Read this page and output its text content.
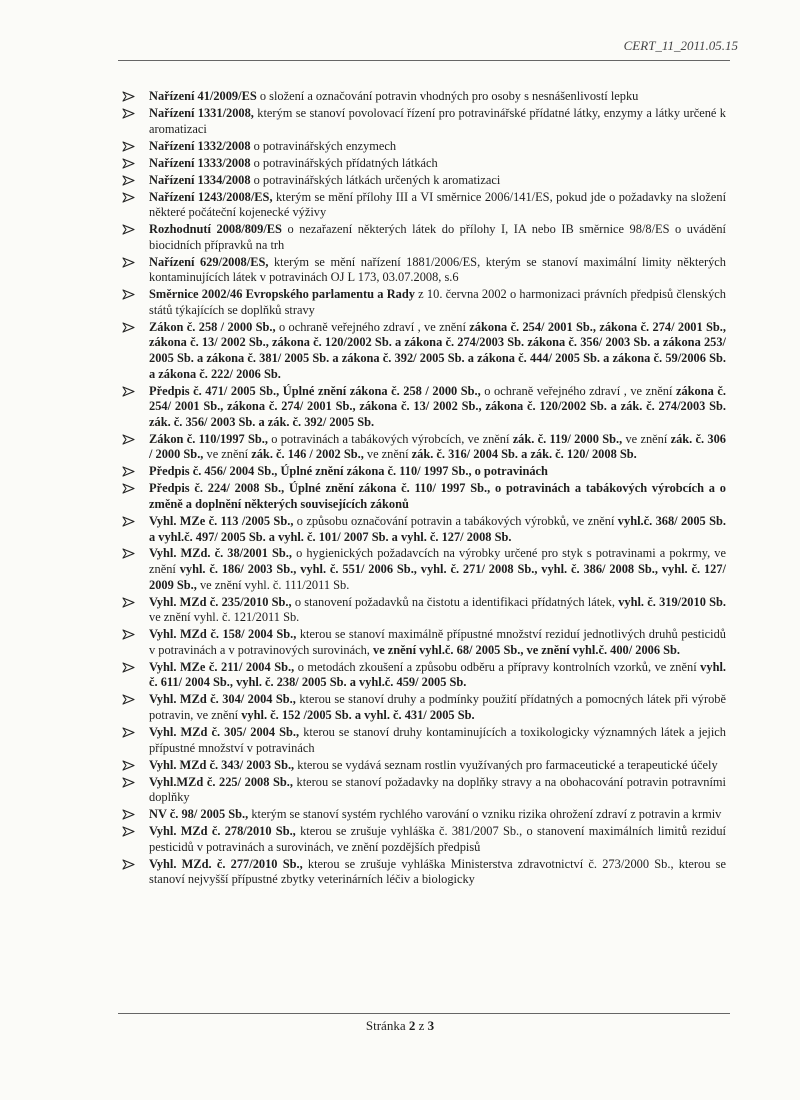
CERT_11_2011.05.15
Nařízení 41/2009/ES o složení a označování potravin vhodných pro osoby s nesnášenlivostí lepku
Nařízení 1331/2008, kterým se stanoví povolovací řízení pro potravinářské přídatné látky, enzymy a látky určené k aromatizaci
Nařízení 1332/2008 o potravinářských enzymech
Nařízení 1333/2008 o potravinářských přídatných látkách
Nařízení 1334/2008 o potravinářských látkách určených k aromatizaci
Nařízení 1243/2008/ES, kterým se mění přílohy III a VI směrnice 2006/141/ES, pokud jde o požadavky na složení některé počáteční kojenecké výživy
Rozhodnutí 2008/809/ES o nezařazení některých látek do přílohy I, IA nebo IB směrnice 98/8/ES o uvádění biocidních přípravků na trh
Nařízení 629/2008/ES, kterým se mění nařízení 1881/2006/ES, kterým se stanoví maximální limity některých kontaminujících látek v potravinách OJ L 173, 03.07.2008, s.6
Směrnice 2002/46 Evropského parlamentu a Rady z 10. června 2002 o harmonizaci právních předpisů členských států týkajících se doplňků stravy
Zákon č. 258 / 2000 Sb., o ochraně veřejného zdraví , ve znění zákona č. 254/ 2001 Sb., zákona č. 274/ 2001 Sb., zákona č. 13/ 2002 Sb., zákona č. 120/2002 Sb. a zákona č. 274/2003 Sb. zákona č. 356/ 2003 Sb. a zákona 253/ 2005 Sb. a zákona č. 381/ 2005 Sb. a zákona č. 392/ 2005 Sb. a zákona č. 444/ 2005 Sb. a zákona č. 59/2006 Sb. a zákona č. 222/ 2006 Sb.
Předpis č. 471/ 2005 Sb., Úplné znění zákona č. 258 / 2000 Sb., o ochraně veřejného zdraví , ve znění zákona č. 254/ 2001 Sb., zákona č. 274/ 2001 Sb., zákona č. 13/ 2002 Sb., zákona č. 120/2002 Sb. a zák. č. 274/2003 Sb. zák. č. 356/ 2003 Sb. a zák. č. 392/ 2005 Sb.
Zákon č. 110/1997 Sb., o potravinách a tabákových výrobcích, ve znění zák. č. 119/ 2000 Sb., ve znění zák. č. 306 / 2000 Sb., ve znění zák. č. 146 / 2002 Sb., ve znění zák. č. 316/ 2004 Sb. a zák. č. 120/ 2008 Sb.
Předpis č. 456/ 2004 Sb., Úplné znění zákona č. 110/ 1997 Sb., o potravinách
Předpis č. 224/ 2008 Sb., Úplné znění zákona č. 110/ 1997 Sb., o potravinách a tabákových výrobcích a o změně a doplnění některých souvisejících zákonů
Vyhl. MZe č. 113 /2005 Sb., o způsobu označování potravin a tabákových výrobků, ve znění vyhl.č. 368/ 2005 Sb. a vyhl.č. 497/ 2005 Sb. a vyhl. č. 101/ 2007 Sb. a vyhl. č. 127/ 2008 Sb.
Vyhl. MZd. č. 38/2001 Sb., o hygienických požadavcích na výrobky určené pro styk s potravinami a pokrmy, ve znění vyhl. č. 186/ 2003 Sb., vyhl. č. 551/ 2006 Sb., vyhl. č. 271/ 2008 Sb., vyhl. č. 386/ 2008 Sb., vyhl. č. 127/ 2009 Sb., ve znění vyhl. č. 111/2011 Sb.
Vyhl. MZd č. 235/2010 Sb., o stanovení požadavků na čistotu a identifikaci přídatných látek, vyhl. č. 319/2010 Sb. ve znění vyhl. č. 121/2011 Sb.
Vyhl. MZd č. 158/ 2004 Sb., kterou se stanoví maximálně přípustné množství reziduí jednotlivých druhů pesticidů v potravinách a v potravinových surovinách, ve znění vyhl.č. 68/ 2005 Sb., ve znění vyhl.č. 400/ 2006 Sb.
Vyhl. MZe č. 211/ 2004 Sb., o metodách zkoušení a způsobu odběru a přípravy kontrolních vzorků, ve znění vyhl. č. 611/ 2004 Sb., vyhl. č. 238/ 2005 Sb. a vyhl.č. 459/ 2005 Sb.
Vyhl. MZd č. 304/ 2004 Sb., kterou se stanoví druhy a podmínky použití přídatných a pomocných látek při výrobě potravin, ve znění vyhl. č. 152 /2005 Sb. a vyhl. č. 431/ 2005 Sb.
Vyhl. MZd č. 305/ 2004 Sb., kterou se stanoví druhy kontaminujících a toxikologicky významných látek a jejich přípustné množství v potravinách
Vyhl. MZd č. 343/ 2003 Sb., kterou se vydává seznam rostlin využívaných pro farmaceutické a terapeutické účely
Vyhl.MZd č. 225/ 2008 Sb., kterou se stanoví požadavky na doplňky stravy a na obohacování potravin potravními doplňky
NV č. 98/ 2005 Sb., kterým se stanoví systém rychlého varování o vzniku rizika ohrožení zdraví z potravin a krmiv
Vyhl. MZd č. 278/2010 Sb., kterou se zrušuje vyhláška č. 381/2007 Sb., o stanovení maximálních limitů reziduí pesticidů v potravinách a surovinách, ve znění pozdějších předpisů
Vyhl. MZd. č. 277/2010 Sb., kterou se zrušuje vyhláška Ministerstva zdravotnictví č. 273/2000 Sb., kterou se stanoví nejvyšší přípustné zbytky veterinárních léčiv a biologicky
Stránka 2 z 3
